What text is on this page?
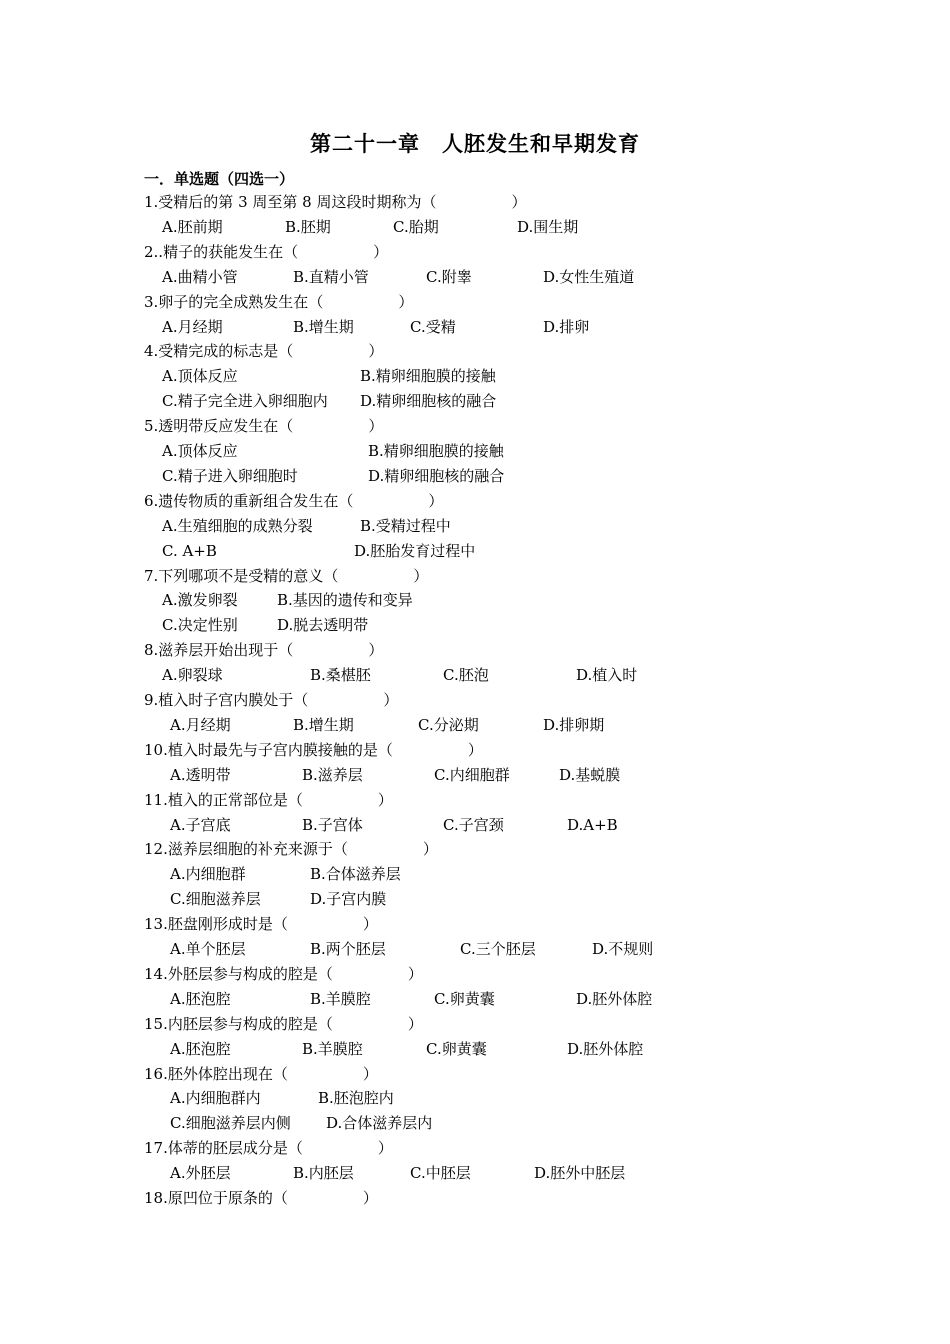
第二十一章　人胚发生和早期发育
一．单选题（四选一）
1.受精后的第 3 周至第 8 周这段时期称为（　　　　　）
A.胚前期	B.胚期	C.胎期	D.围生期
2..精子的获能发生在（　　　　　）
A.曲精小管	B.直精小管	C.附睾	D.女性生殖道
3.卵子的完全成熟发生在（　　　　　）
A.月经期	B.增生期	C.受精	D.排卵
4.受精完成的标志是（　　　　　）
A.顶体反应	B.精卵细胞膜的接触
C.精子完全进入卵细胞内 D.精卵细胞核的融合
5.透明带反应发生在（　　　　　）
A.顶体反应	B.精卵细胞膜的接触
C.精子进入卵细胞时	D.精卵细胞核的融合
6.遗传物质的重新组合发生在（　　　　　）
A.生殖细胞的成熟分裂	B.受精过程中
C. A+B	D.胚胎发育过程中
7.下列哪项不是受精的意义（　　　　　）
A.激发卵裂	B.基因的遗传和变异
C.决定性别	D.脱去透明带
8.滋养层开始出现于（　　　　　）
A.卵裂球	B.桑椹胚	C.胚泡	D.植入时
9.植入时子宫内膜处于（　　　　　）
A.月经期	B.增生期	C.分泌期	D.排卵期
10.植入时最先与子宫内膜接触的是（　　　　　）
A.透明带	B.滋养层	C.内细胞群	D.基蜕膜
11.植入的正常部位是（　　　　　）
A.子宫底	B.子宫体	C.子宫颈	D.A+B
12.滋养层细胞的补充来源于（　　　　　）
A.内细胞群	B.合体滋养层
C.细胞滋养层	D.子宫内膜
13.胚盘刚形成时是（　　　　　）
A.单个胚层	B.两个胚层	C.三个胚层	D.不规则
14.外胚层参与构成的腔是（　　　　　）
A.胚泡腔	B.羊膜腔	C.卵黄囊	D.胚外体腔
15.内胚层参与构成的腔是（　　　　　）
A.胚泡腔	B.羊膜腔	C.卵黄囊	D.胚外体腔
16.胚外体腔出现在（　　　　　）
A.内细胞群内	B.胚泡腔内
C.细胞滋养层内侧 D.合体滋养层内
17.体蒂的胚层成分是（　　　　　）
A.外胚层	B.内胚层	C.中胚层	D.胚外中胚层
18.原凹位于原条的（　　　　　）
